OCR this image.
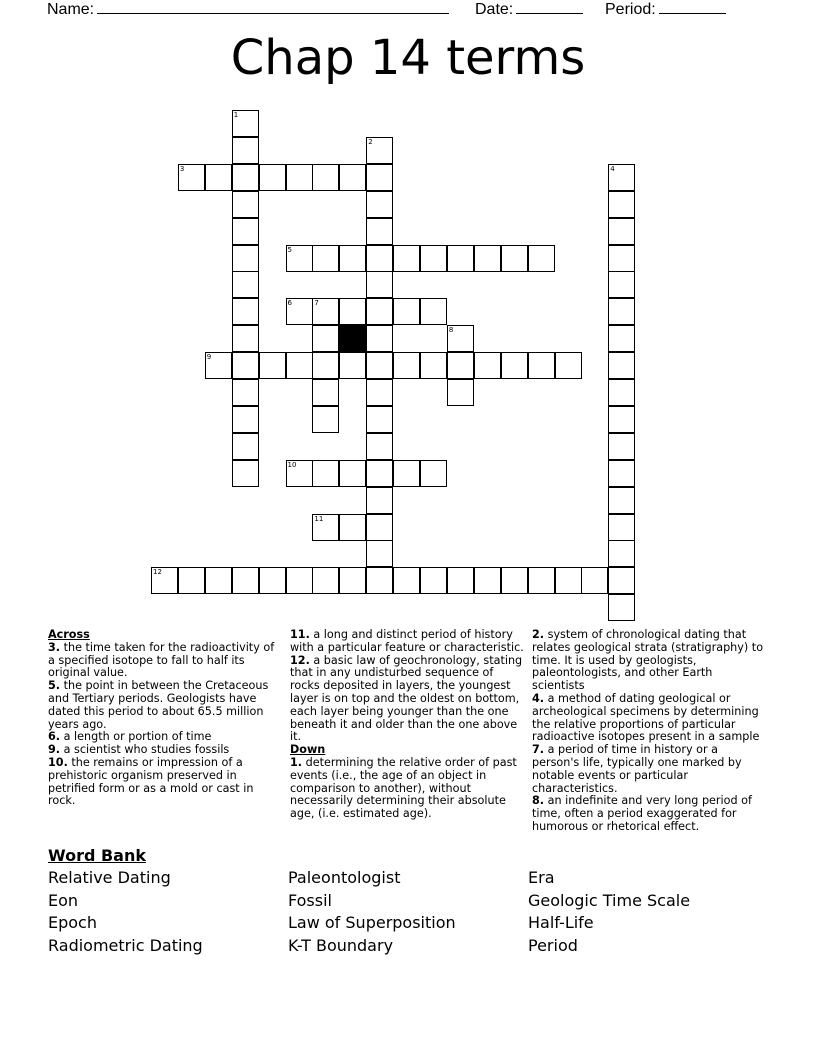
Name:	Date:	Period:
Chap 14 terms
1
2
3	4
5
6	7
8
9
10
11
12
Across
3. the time taken for the radioactivity of a specified isotope to fall to half its original value.
5. the point in between the Cretaceous and Tertiary periods. Geologists have dated this period to about 65.5 million years ago.
6. a length or portion of time
9. a scientist who studies fossils
10. the remains or impression of a prehistoric organism preserved in petrified form or as a mold or cast in rock.
11. a long and distinct period of history with a particular feature or characteristic.
12. a basic law of geochronology, stating that in any undisturbed sequence of rocks deposited in layers, the youngest layer is on top and the oldest on bottom, each layer being younger than the one beneath it and older than the one above it.
Down
1. determining the relative order of past events (i.e., the age of an object in comparison to another), without necessarily determining their absolute age, (i.e. estimated age).
2. system of chronological dating that relates geological strata (stratigraphy) to time. It is used by geologists, paleontologists, and other Earth scientists
4. a method of dating geological or archeological specimens by determining the relative proportions of particular radioactive isotopes present in a sample
7. a period of time in history or a person's life, typically one marked by notable events or particular characteristics.
8. an indefinite and very long period of time, often a period exaggerated for humorous or rhetorical effect.
Word Bank
Relative Dating	Paleontologist	Era
Eon	Fossil	Geologic Time Scale
Epoch	Law of Superposition	Half-Life
Radiometric Dating	K-T Boundary	Period
